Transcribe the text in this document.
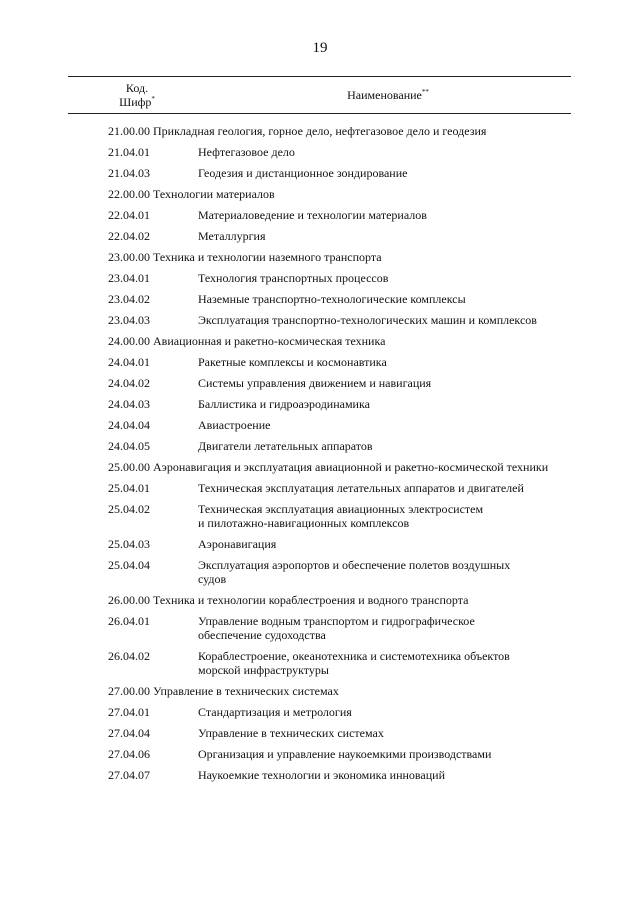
19
Код.
Шифр*	Наименование**
21.00.00 Прикладная геология, горное дело, нефтегазовое дело и геодезия
21.04.01	Нефтегазовое дело
21.04.03	Геодезия и дистанционное зондирование
22.00.00 Технологии материалов
22.04.01	Материаловедение и технологии материалов
22.04.02	Металлургия
23.00.00 Техника и технологии наземного транспорта
23.04.01	Технология транспортных процессов
23.04.02	Наземные транспортно-технологические комплексы
23.04.03	Эксплуатация транспортно-технологических машин и комплексов
24.00.00 Авиационная и ракетно-космическая техника
24.04.01	Ракетные комплексы и космонавтика
24.04.02	Системы управления движением и навигация
24.04.03	Баллистика и гидроаэродинамика
24.04.04	Авиастроение
24.04.05	Двигатели летательных аппаратов
25.00.00 Аэронавигация и эксплуатация авиационной и ракетно-космической техники
25.04.01	Техническая эксплуатация летательных аппаратов и двигателей
25.04.02	Техническая эксплуатация авиационных электросистем
и пилотажно-навигационных комплексов
25.04.03	Аэронавигация
25.04.04	Эксплуатация аэропортов и обеспечение полетов воздушных
судов
26.00.00 Техника и технологии кораблестроения и водного транспорта
26.04.01	Управление водным транспортом и гидрографическое
обеспечение судоходства
26.04.02	Кораблестроение, океанотехника и системотехника объектов
морской инфраструктуры
27.00.00 Управление в технических системах
27.04.01	Стандартизация и метрология
27.04.04	Управление в технических системах
27.04.06	Организация и управление наукоемкими производствами
27.04.07	Наукоемкие технологии и экономика инноваций
